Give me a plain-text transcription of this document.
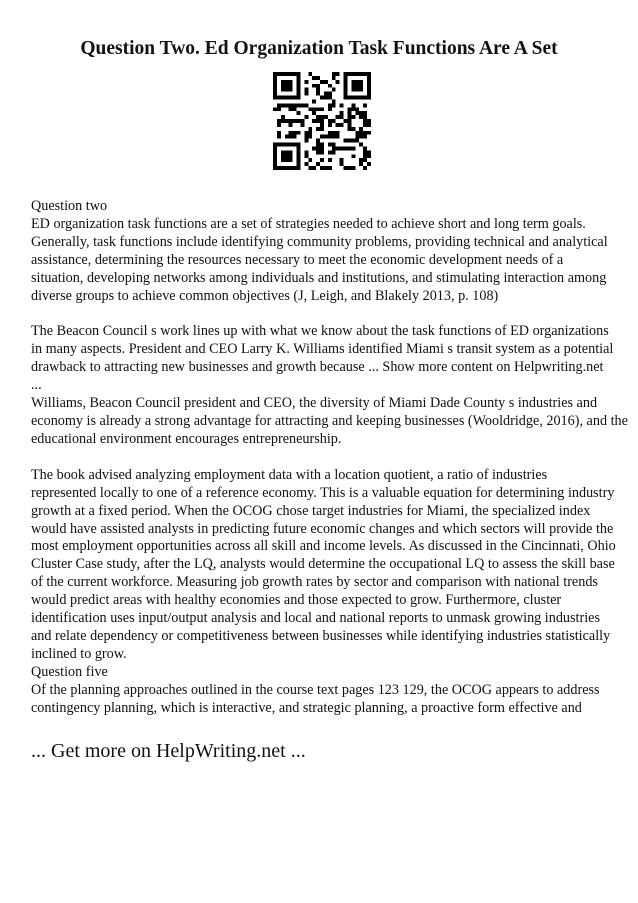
Question Two. Ed Organization Task Functions Are A Set

Question two

ED organization task functions are a set of strategies needed to achieve short and long term goals. Generally, task functions include identifying community problems, providing technical and analytical assistance, determining the resources necessary to meet the economic development needs of a situation, developing networks among individuals and institutions, and stimulating interaction among diverse groups to achieve common objectives (J, Leigh, and Blakely 2013, p. 108)

The Beacon Council s work lines up with what we know about the task functions of ED organizations in many aspects. President and CEO Larry K. Williams identified Miami s transit system as a potential drawback to attracting new businesses and growth because ... Show more content on Helpwriting.net ...

Williams, Beacon Council president and CEO, the diversity of Miami Dade County s industries and economy is already a strong advantage for attracting and keeping businesses (Wooldridge, 2016), and the educational environment encourages entrepreneurship.

The book advised analyzing employment data with a location quotient, a ratio of industries represented locally to one of a reference economy. This is a valuable equation for determining industry growth at a fixed period. When the OCOG chose target industries for Miami, the specialized index would have assisted analysts in predicting future economic changes and which sectors will provide the most employment opportunities across all skill and income levels. As discussed in the Cincinnati, Ohio Cluster Case study, after the LQ, analysts would determine the occupational LQ to assess the skill base of the current workforce. Measuring job growth rates by sector and comparison with national trends would predict areas with healthy economies and those expected to grow. Furthermore, cluster identification uses input/output analysis and local and national reports to unmask growing industries and relate dependency or competitiveness between businesses while identifying industries statistically inclined to grow.

Question five

Of the planning approaches outlined in the course text pages 123 129, the OCOG appears to address contingency planning, which is interactive, and strategic planning, a proactive form effective and

... Get more on HelpWriting.net ...
